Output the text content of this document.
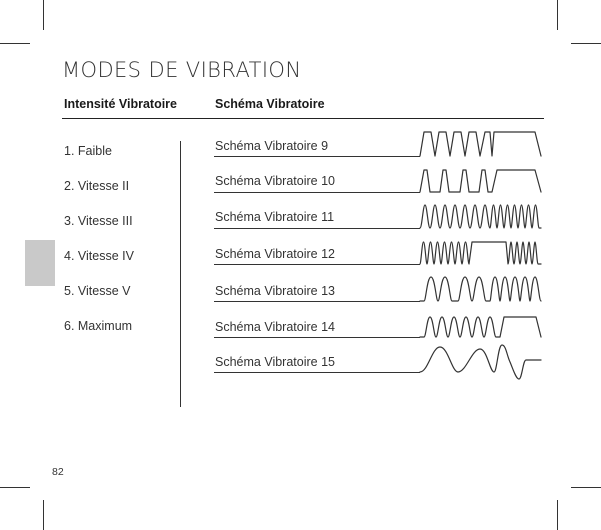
MODES DE VIBRATION
Intensité Vibratoire	Schéma Vibratoire
1. Faible
2. Vitesse II
3. Vitesse III
4. Vitesse IV
5. Vitesse V
6. Maximum
Schéma Vibratoire 9
Schéma Vibratoire 10
Schéma Vibratoire 11
Schéma Vibratoire 12
Schéma Vibratoire 13
Schéma Vibratoire 14
Schéma Vibratoire 15
82
